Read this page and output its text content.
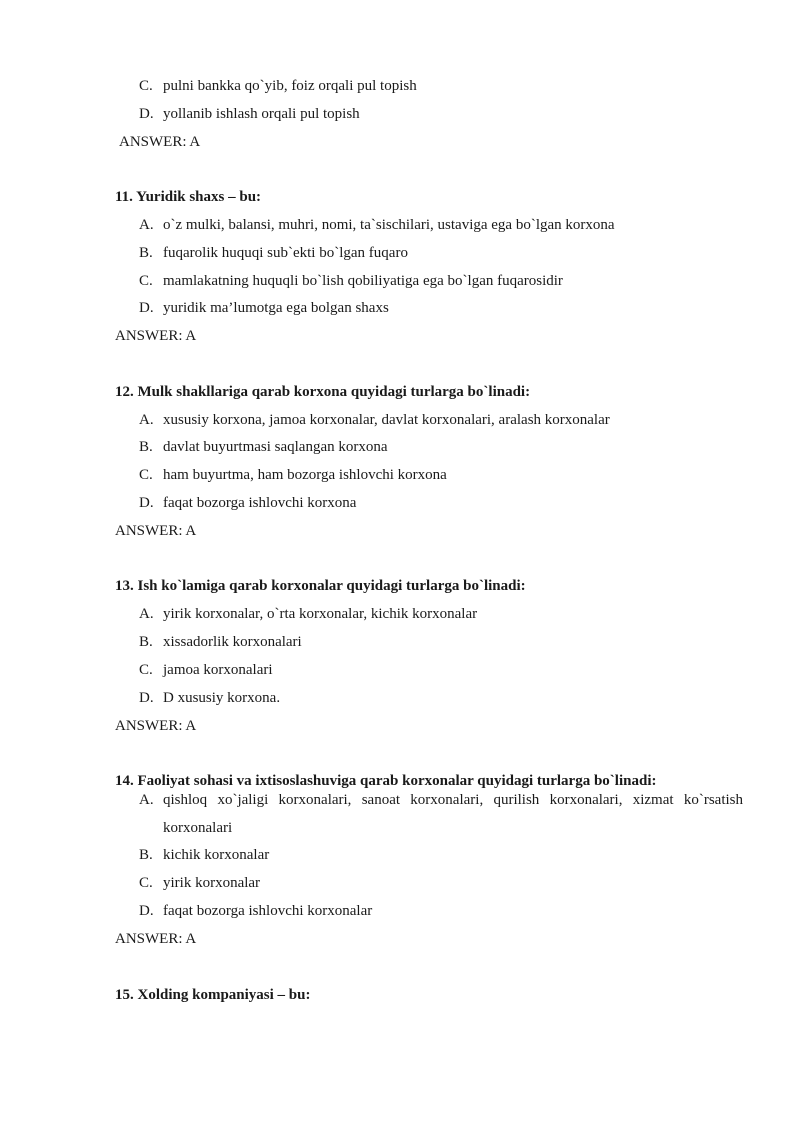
C. pulni bankka qo`yib, foiz orqali pul topish
D. yollanib ishlash orqali pul topish
ANSWER: A
11. Yuridik shaxs – bu:
A. o`z mulki, balansi, muhri, nomi, ta`sischilari, ustaviga ega bo`lgan korxona
B. fuqarolik huquqi sub`ekti bo`lgan fuqaro
C. mamlakatning huquqli bo`lish qobiliyatiga ega bo`lgan fuqarosidir
D. yuridik ma’lumotga ega bolgan shaxs
ANSWER: A
12. Mulk shakllariga qarab korxona quyidagi turlarga bo`linadi:
A. xususiy korxona, jamoa korxonalar, davlat korxonalari, aralash korxonalar
B. davlat buyurtmasi saqlangan korxona
C. ham buyurtma, ham bozorga ishlovchi korxona
D. faqat bozorga ishlovchi korxona
ANSWER: A
13. Ish ko`lamiga qarab korxonalar quyidagi turlarga bo`linadi:
A. yirik korxonalar, o`rta korxonalar, kichik korxonalar
B. xissadorlik korxonalari
C. jamoa korxonalari
D. D xususiy korxona.
ANSWER: A
14. Faoliyat sohasi va ixtisoslashuviga qarab korxonalar quyidagi turlarga bo`linadi:
A. qishloq xo`jaligi korxonalari, sanoat korxonalari, qurilish korxonalari, xizmat ko`rsatish
korxonalari
B. kichik korxonalar
C. yirik korxonalar
D. faqat bozorga ishlovchi korxonalar
ANSWER: A
15. Xolding kompaniyasi – bu:
